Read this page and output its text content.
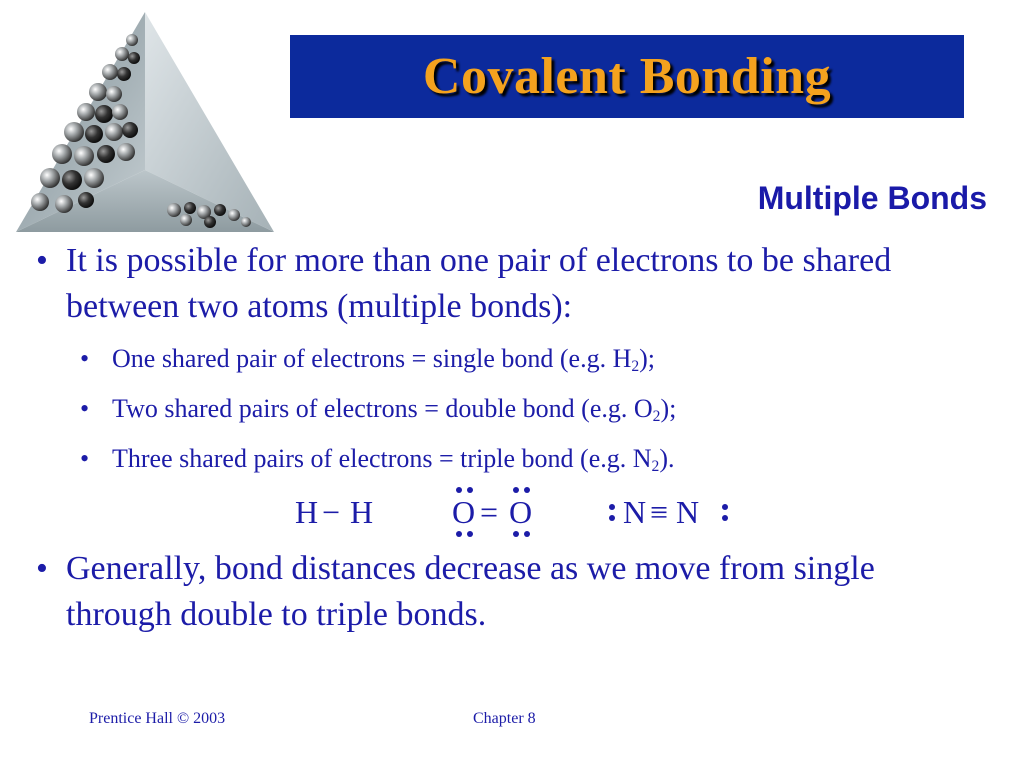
Covalent Bonding
Multiple Bonds
• It is possible for more than one pair of electrons to be shared between two atoms (multiple bonds):
• One shared pair of electrons = single bond (e.g. $H_2$);
• Two shared pairs of electrons = double bond (e.g. $O_2$);
• Three shared pairs of electrons = triple bond (e.g. $N_2$).
H − H O = O	N ≡ N
• Generally, bond distances decrease as we move from single through double to triple bonds.
Prentice Hall © 2003	Chapter 8
